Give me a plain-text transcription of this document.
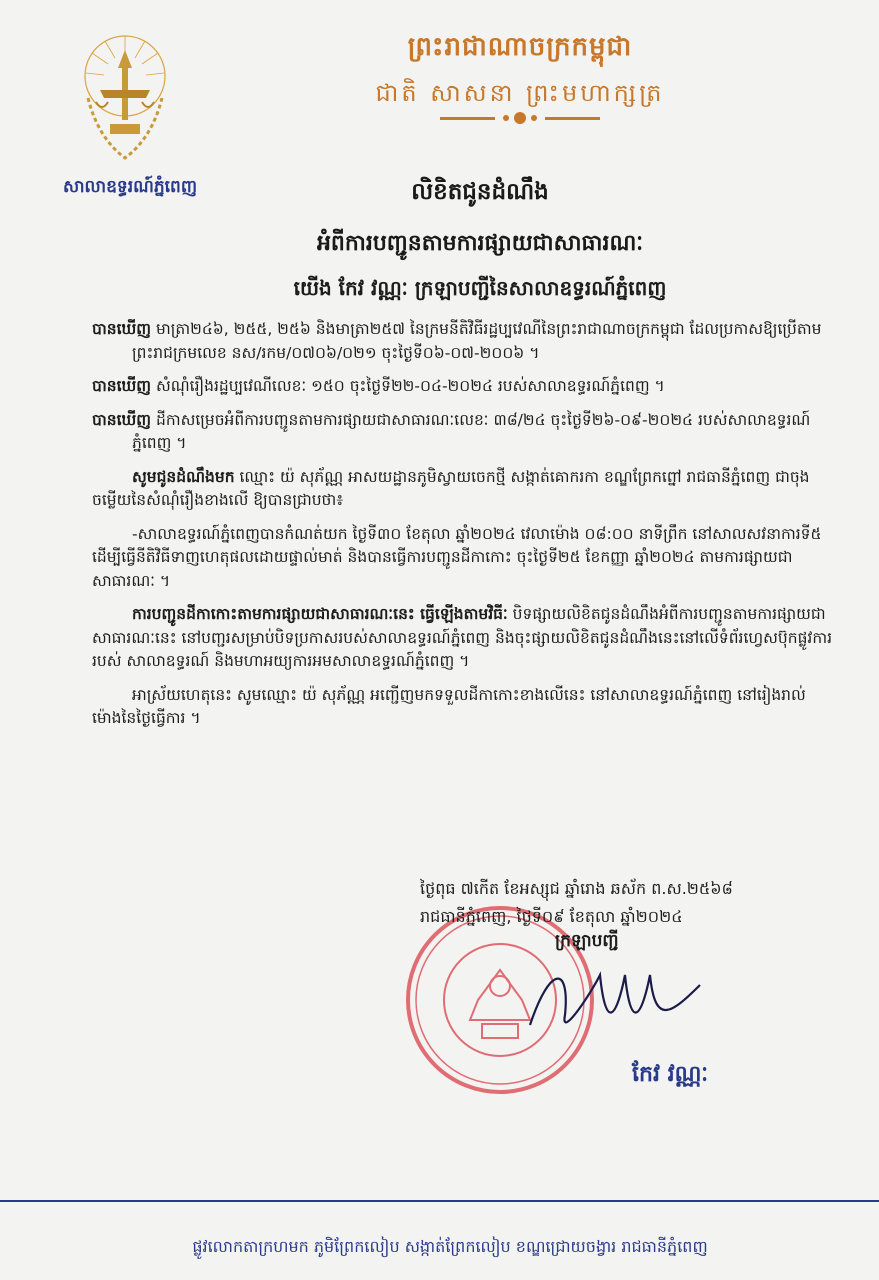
សាលាឧទ្ធរណ៍ភ្នំពេញ
ព្រះរាជាណាចក្រកម្ពុជា
ជាតិ សាសនា ព្រះមហាក្សត្រ
លិខិតជូនដំណឹង
អំពីការបញ្ជូនតាមការផ្សាយជាសាធារណៈ
យើង កែវ វណ្ណៈ ក្រឡាបញ្ជីនៃសាលាឧទ្ធរណ៍ភ្នំពេញ

បានឃើញ មាត្រា២៤៦, ២៥៥, ២៥៦ និងមាត្រា២៥៧ នៃក្រមនីតិវិធីរដ្ឋប្បវេណីនៃព្រះរាជាណាចក្រកម្ពុជា ដែលប្រកាសឱ្យប្រើតាមព្រះរាជក្រមលេខ នស/រកម/០៧០៦/០២១ ចុះថ្ងៃទី០៦-០៧-២០០៦ ។

បានឃើញ សំណុំរឿងរដ្ឋប្បវេណីលេខៈ ១៥០ ចុះថ្ងៃទី២២-០៤-២០២៤ របស់សាលាឧទ្ធរណ៍ភ្នំពេញ ។

បានឃើញ ដីកាសម្រេចអំពីការបញ្ជូនតាមការផ្សាយជាសាធារណៈលេខៈ ៣៨/២៤ ចុះថ្ងៃទី២៦-០៩-២០២៤ របស់សាលាឧទ្ធរណ៍ភ្នំពេញ ។

សូមជូនដំណឹងមក ឈ្មោះ យ៉ សុភ័ណ្ណ អាសយដ្ឋានភូមិស្វាយចេកថ្មី សង្កាត់គោករកា ខណ្ឌព្រែកព្នៅ រាជធានីភ្នំពេញ ជាចុងចម្លើយនៃសំណុំរឿងខាងលើ ឱ្យបានជ្រាបថា៖

-សាលាឧទ្ធរណ៍ភ្នំពេញបានកំណត់យក ថ្ងៃទី៣០ ខែតុលា ឆ្នាំ២០២៤ វេលាម៉ោង ០៨:០០ នាទីព្រឹក នៅសាលសវនាការទី៥ ដើម្បីធ្វើនីតិវិធីទាញហេតុផលដោយផ្ទាល់មាត់ និងបានធ្វើការបញ្ជូនដីកាកោះ ចុះថ្ងៃទី២៥ ខែកញ្ញា ឆ្នាំ២០២៤ តាមការផ្សាយជាសាធារណៈ ។

ការបញ្ជូនដីកាកោះតាមការផ្សាយជាសាធារណៈនេះ ធ្វើឡើងតាមវិធីៈ បិទផ្សាយលិខិតជូនដំណឹងអំពីការបញ្ជូនតាមការផ្សាយជាសាធារណៈនេះ នៅបញ្ជរសម្រាប់បិទប្រកាសរបស់សាលាឧទ្ធរណ៍ភ្នំពេញ និងចុះផ្សាយលិខិតជូនដំណឹងនេះនៅលើទំព័រហ្វេសប៊ុកផ្លូវការរបស់ សាលាឧទ្ធរណ៍ និងមហាអយ្យការអមសាលាឧទ្ធរណ៍ភ្នំពេញ ។

អាស្រ័យហេតុនេះ សូមឈ្មោះ យ៉ សុភ័ណ្ណ អញ្ជើញមកទទួលដីកាកោះខាងលើនេះ នៅសាលាឧទ្ធរណ៍ភ្នំពេញ នៅរៀងរាល់ម៉ោងនៃថ្ងៃធ្វើការ ។

ថ្ងៃពុធ ៧កើត ខែអស្សុជ ឆ្នាំរោង ឆស័ក ព.ស.២៥៦៨
រាជធានីភ្នំពេញ, ថ្ងៃទី០៩ ខែតុលា ឆ្នាំ២០២៤
ក្រឡាបញ្ជី
កែវ វណ្ណៈ
ផ្លូវលោកតាក្រហមក ភូមិព្រែកលៀប សង្កាត់ព្រែកលៀប ខណ្ឌជ្រោយចង្វារ រាជធានីភ្នំពេញ
